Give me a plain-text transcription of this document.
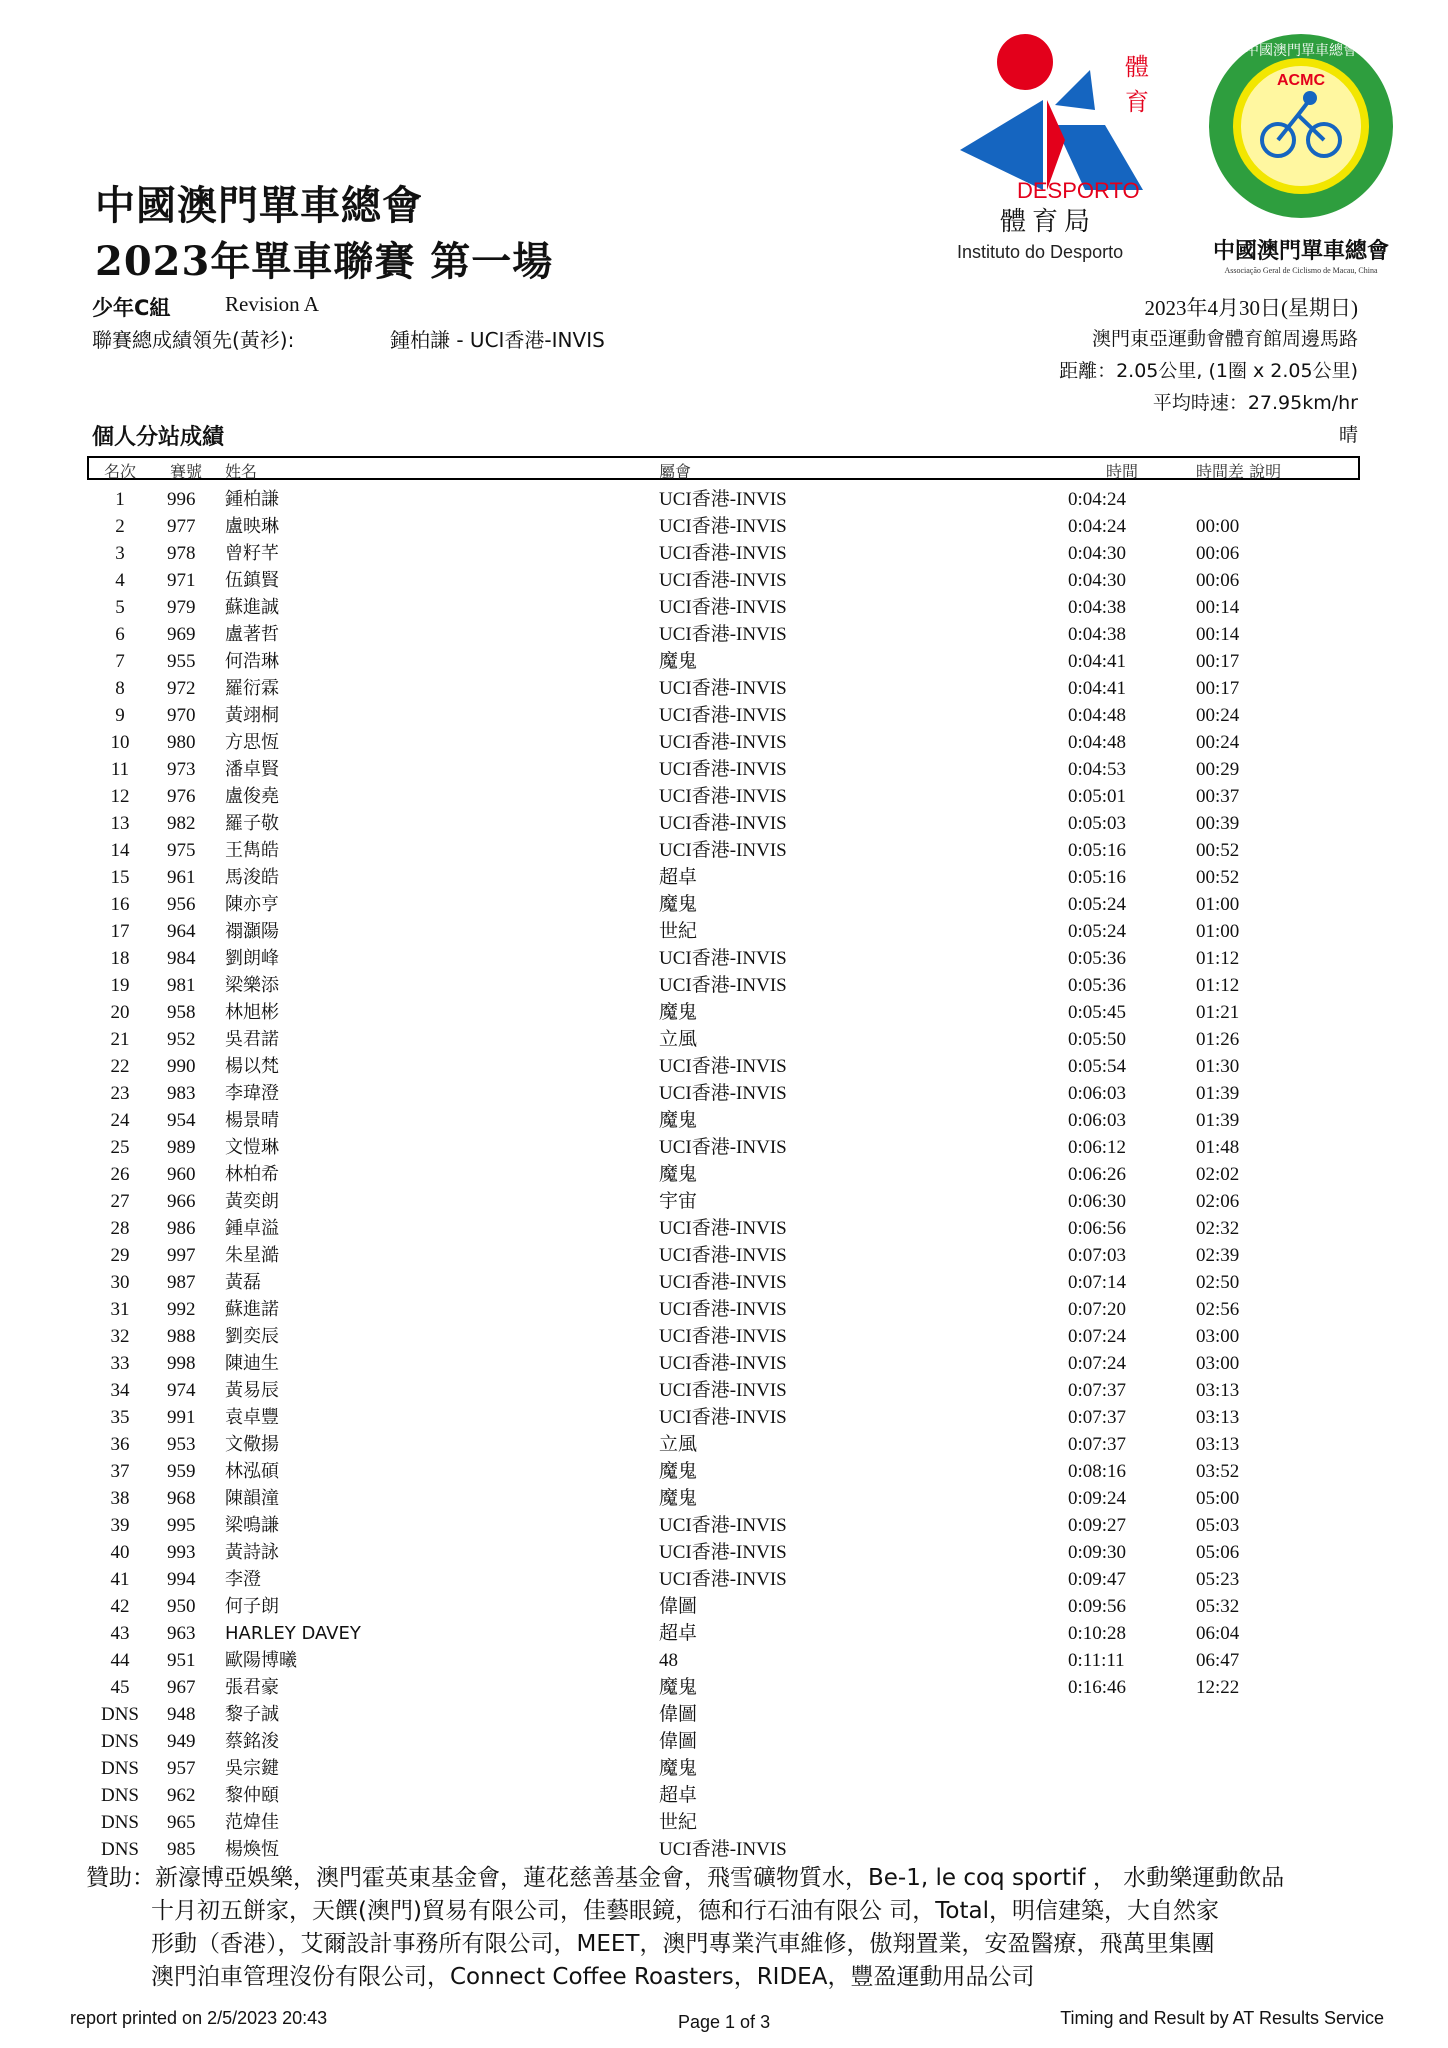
體
育
DESPORTO
體育局
Instituto do Desporto
ACMC
中國澳門單車總會
中國澳門單車總會
Associação Geral de Ciclismo de Macau, China
中國澳門單車總會
2023年單車聯賽 第一場
少年C組	Revision A
聯賽總成績領先(黃衫):	鍾柏謙 - UCI香港-INVIS
2023年4月30日(星期日)
澳門東亞運動會體育館周邊馬路
距離：2.05公里, (1圈 x 2.05公里)
平均時速：27.95km/hr
晴
個人分站成績
名次 賽號 姓名	屬會	時間	時間差 說明
1	996 鍾柏謙	UCI香港-INVIS	0:04:24
2	977 盧映琳	UCI香港-INVIS	0:04:24	00:00
3	978 曾籽芊	UCI香港-INVIS	0:04:30	00:06
4	971 伍鎮賢	UCI香港-INVIS	0:04:30	00:06
5	979 蘇進誠	UCI香港-INVIS	0:04:38	00:14
6	969 盧著哲	UCI香港-INVIS	0:04:38	00:14
7	955 何浩琳	魔鬼	0:04:41	00:17
8	972 羅衍霖	UCI香港-INVIS	0:04:41	00:17
9	970 黃翊桐	UCI香港-INVIS	0:04:48	00:24
10	980 方思恆	UCI香港-INVIS	0:04:48	00:24
11	973 潘卓賢	UCI香港-INVIS	0:04:53	00:29
12	976 盧俊堯	UCI香港-INVIS	0:05:01	00:37
13	982 羅子敬	UCI香港-INVIS	0:05:03	00:39
14	975 王雋皓	UCI香港-INVIS	0:05:16	00:52
15	961 馬浚皓	超卓	0:05:16	00:52
16	956 陳亦亨	魔鬼	0:05:24	01:00
17	964 禤灝陽	世紀	0:05:24	01:00
18	984 劉朗峰	UCI香港-INVIS	0:05:36	01:12
19	981 梁樂添	UCI香港-INVIS	0:05:36	01:12
20	958 林旭彬	魔鬼	0:05:45	01:21
21	952 吳君諾	立風	0:05:50	01:26
22	990 楊以梵	UCI香港-INVIS	0:05:54	01:30
23	983 李瑋澄	UCI香港-INVIS	0:06:03	01:39
24	954 楊景晴	魔鬼	0:06:03	01:39
25	989 文愷琳	UCI香港-INVIS	0:06:12	01:48
26	960 林柏希	魔鬼	0:06:26	02:02
27	966 黃奕朗	宇宙	0:06:30	02:06
28	986 鍾卓溢	UCI香港-INVIS	0:06:56	02:32
29	997 朱星澔	UCI香港-INVIS	0:07:03	02:39
30	987 黃磊	UCI香港-INVIS	0:07:14	02:50
31	992 蘇進諾	UCI香港-INVIS	0:07:20	02:56
32	988 劉奕辰	UCI香港-INVIS	0:07:24	03:00
33	998 陳迪生	UCI香港-INVIS	0:07:24	03:00
34	974 黃易辰	UCI香港-INVIS	0:07:37	03:13
35	991 袁卓豐	UCI香港-INVIS	0:07:37	03:13
36	953 文儆揚	立風	0:07:37	03:13
37	959 林泓碩	魔鬼	0:08:16	03:52
38	968 陳韻潼	魔鬼	0:09:24	05:00
39	995 梁鳴謙	UCI香港-INVIS	0:09:27	05:03
40	993 黃詩詠	UCI香港-INVIS	0:09:30	05:06
41	994 李澄	UCI香港-INVIS	0:09:47	05:23
42	950 何子朗	偉圖	0:09:56	05:32
43	963 HARLEY DAVEY	超卓	0:10:28	06:04
44	951 歐陽博曦	48	0:11:11	06:47
45	967 張君豪	魔鬼	0:16:46	12:22
DNS	948 黎子誠	偉圖
DNS	949 蔡銘浚	偉圖
DNS	957 吳宗鍵	魔鬼
DNS	962 黎仲頤	超卓
DNS	965 范煒佳	世紀
DNS	985 楊煥恆	UCI香港-INVIS
贊助：新濠博亞娛樂，澳門霍英東基金會，蓮花慈善基金會，飛雪礦物質水，Be-1, le coq sportif ， 水動樂運動飲品
十月初五餅家，天饌(澳門)貿易有限公司，佳藝眼鏡，德和行石油有限公 司，Total，明信建築，大自然家
形動（香港），艾爾設計事務所有限公司，MEET，澳門專業汽車維修，傲翔置業，安盈醫療，飛萬里集團
澳門泊車管理沒份有限公司，Connect Coffee Roasters，RIDEA，豐盈運動用品公司
report printed on 2/5/2023 20:43	Page 1 of 3	Timing and Result by AT Results Service
